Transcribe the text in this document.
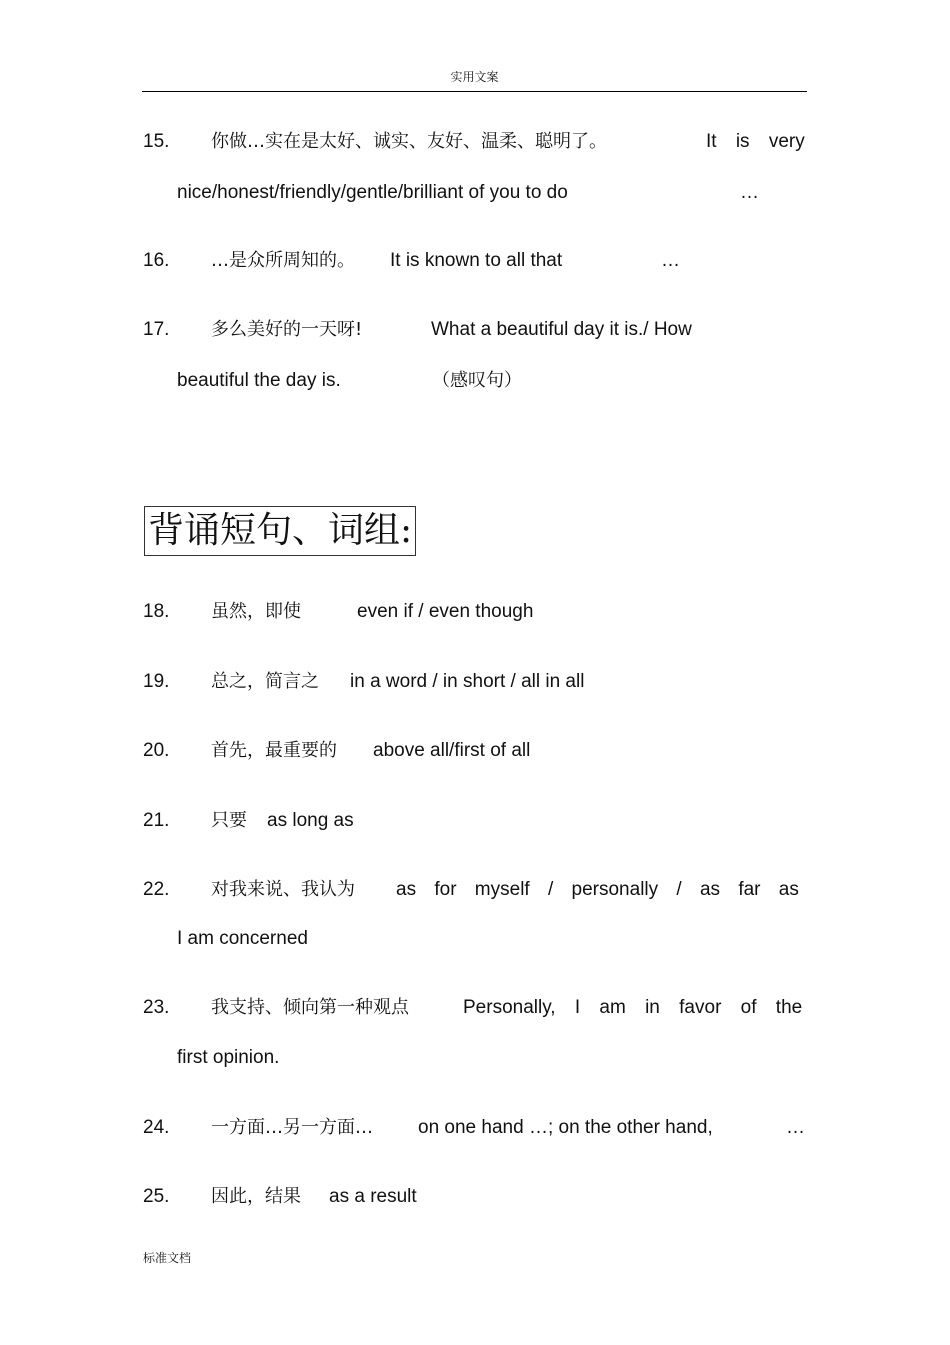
实用文案
15. 你做…实在是太好、诚实、友好、温柔、聪明了。	It is very
nice/honest/friendly/gentle/brilliant of you to do	…
16. …是众所周知的。 It is known to all that	…
17. 多么美好的一天呀!	What a beautiful day it is./ How
beautiful the day is.	（感叹句）
背诵短句、词组:
18. 虽然，即使	even if / even though
19. 总之，简言之 in a word / in short / all in all
20. 首先，最重要的 above all/first of all
21. 只要 as long as
22. 对我来说、我认为 as for myself / personally / as far as
I am concerned
23. 我支持、倾向第一种观点	Personally, I am in favor of the
first opinion.
24. 一方面…另一方面… on one hand …; on the other hand,	…
25. 因此，结果 as a result
标准文档
